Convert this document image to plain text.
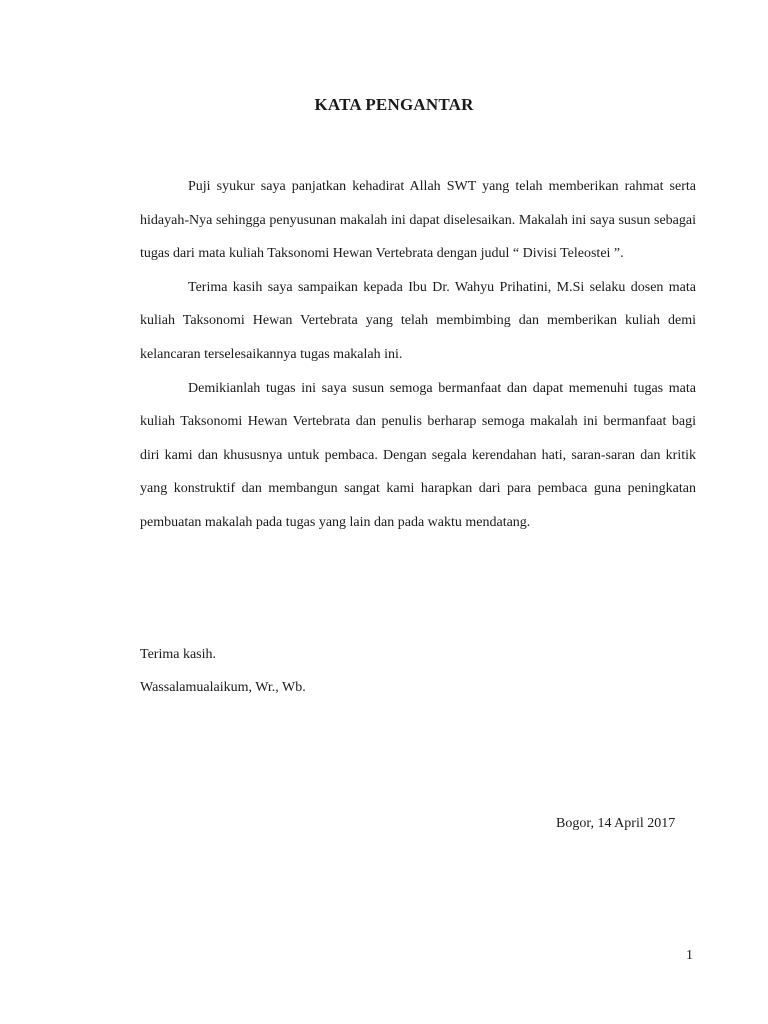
KATA PENGANTAR

Puji syukur saya panjatkan kehadirat Allah SWT yang telah memberikan rahmat serta hidayah-Nya sehingga penyusunan makalah ini dapat diselesaikan. Makalah ini saya susun sebagai tugas dari mata kuliah Taksonomi Hewan Vertebrata dengan judul “ Divisi Teleostei ”.

Terima kasih saya sampaikan kepada Ibu Dr. Wahyu Prihatini, M.Si selaku dosen mata kuliah Taksonomi Hewan Vertebrata yang telah membimbing dan memberikan kuliah demi kelancaran terselesaikannya tugas makalah ini.

Demikianlah tugas ini saya susun semoga bermanfaat dan dapat memenuhi tugas mata kuliah Taksonomi Hewan Vertebrata dan penulis berharap semoga makalah ini bermanfaat bagi diri kami dan khususnya untuk pembaca. Dengan segala kerendahan hati, saran-saran dan kritik yang konstruktif dan membangun sangat kami harapkan dari para pembaca guna peningkatan pembuatan makalah pada tugas yang lain dan pada waktu mendatang.

Terima kasih.

Wassalamualaikum, Wr., Wb.

Bogor, 14 April 2017

1
